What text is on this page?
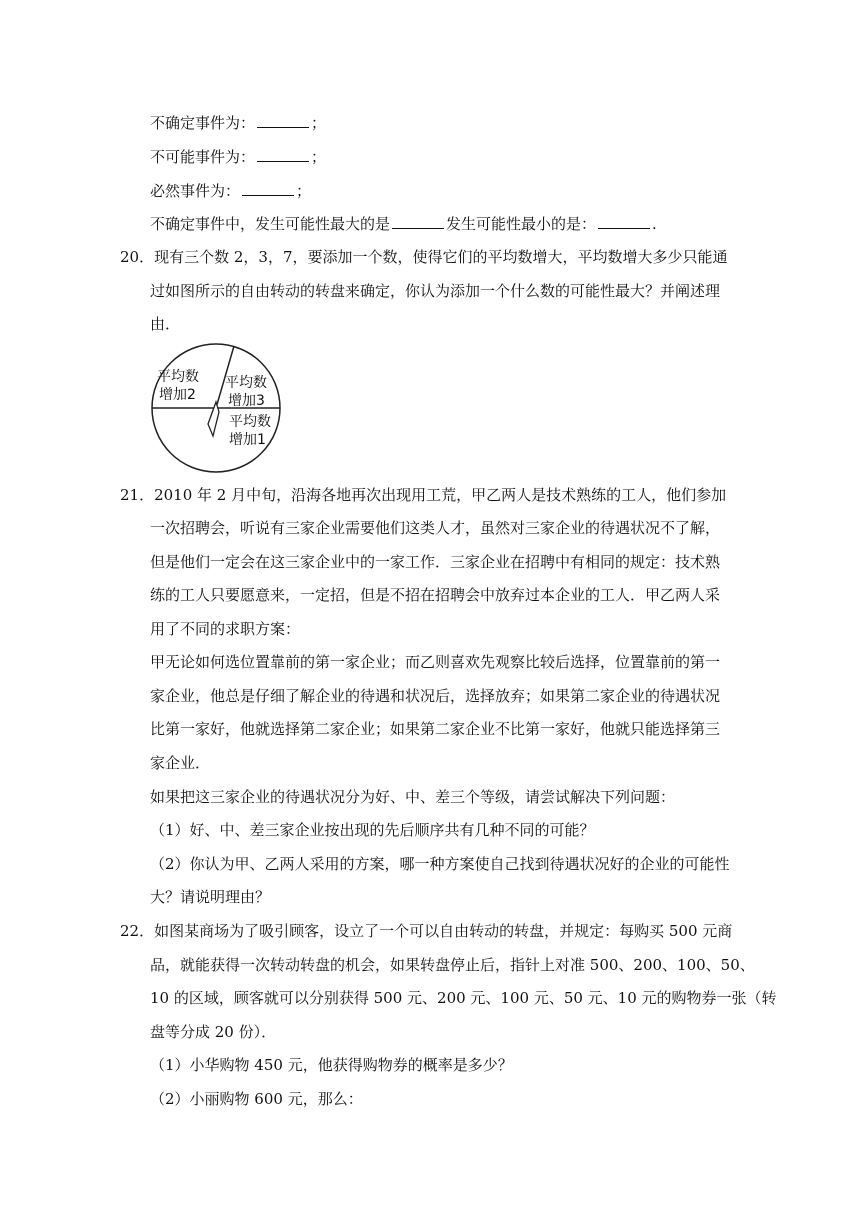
不确定事件为：	；
不可能事件为：	；
必然事件为：	；
不确定事件中，发生可能性最大的是	发生可能性最小的是：	.
20．现有三个数 2，3，7，要添加一个数，使得它们的平均数增大，平均数增大多少只能通
过如图所示的自由转动的转盘来确定，你认为添加一个什么数的可能性最大？并阐述理
由．
平均数
增加2
平均数
增加3
平均数
增加1
21．2010 年 2 月中旬，沿海各地再次出现用工荒，甲乙两人是技术熟练的工人，他们参加
一次招聘会，听说有三家企业需要他们这类人才，虽然对三家企业的待遇状况不了解，
但是他们一定会在这三家企业中的一家工作．三家企业在招聘中有相同的规定：技术熟
练的工人只要愿意来，一定招，但是不招在招聘会中放弃过本企业的工人．甲乙两人采
用了不同的求职方案：
甲无论如何选位置靠前的第一家企业；而乙则喜欢先观察比较后选择，位置靠前的第一
家企业，他总是仔细了解企业的待遇和状况后，选择放弃；如果第二家企业的待遇状况
比第一家好，他就选择第二家企业；如果第二家企业不比第一家好，他就只能选择第三
家企业．
如果把这三家企业的待遇状况分为好、中、差三个等级，请尝试解决下列问题：
（1）好、中、差三家企业按出现的先后顺序共有几种不同的可能？
（2）你认为甲、乙两人采用的方案，哪一种方案使自己找到待遇状况好的企业的可能性
大？请说明理由？
22．如图某商场为了吸引顾客，设立了一个可以自由转动的转盘，并规定：每购买 500 元商
品，就能获得一次转动转盘的机会，如果转盘停止后，指针上对准 500、200、100、50、
10 的区域，顾客就可以分别获得 500 元、200 元、100 元、50 元、10 元的购物券一张（转
盘等分成 20 份）．
（1）小华购物 450 元，他获得购物券的概率是多少？
（2）小丽购物 600 元，那么：
